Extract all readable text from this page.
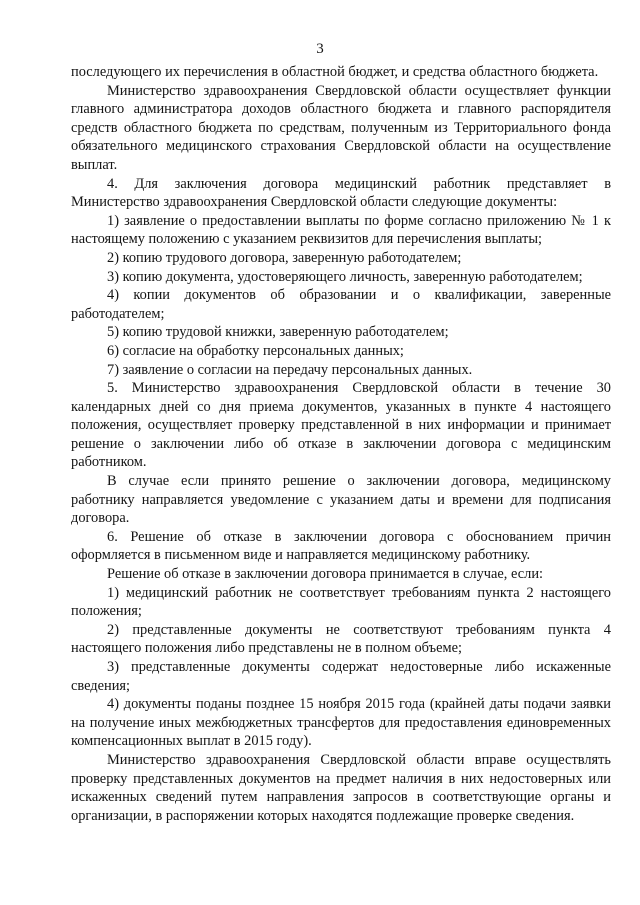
3

последующего их перечисления в областной бюджет, и средства областного бюджета.

Министерство здравоохранения Свердловской области осуществляет функции главного администратора доходов областного бюджета и главного распорядителя средств областного бюджета по средствам, полученным из Территориального фонда обязательного медицинского страхования Свердловской области на осуществление выплат.

4. Для заключения договора медицинский работник представляет в Министерство здравоохранения Свердловской области следующие документы:

1) заявление о предоставлении выплаты по форме согласно приложению № 1 к настоящему положению с указанием реквизитов для перечисления выплаты;

2) копию трудового договора, заверенную работодателем;

3) копию документа, удостоверяющего личность, заверенную работодателем;

4) копии документов об образовании и о квалификации, заверенные работодателем;

5) копию трудовой книжки, заверенную работодателем;

6) согласие на обработку персональных данных;

7) заявление о согласии на передачу персональных данных.

5. Министерство здравоохранения Свердловской области в течение 30 календарных дней со дня приема документов, указанных в пункте 4 настоящего положения, осуществляет проверку представленной в них информации и принимает решение о заключении либо об отказе в заключении договора с медицинским работником.

В случае если принято решение о заключении договора, медицинскому работнику направляется уведомление с указанием даты и времени для подписания договора.

6. Решение об отказе в заключении договора с обоснованием причин оформляется в письменном виде и направляется медицинскому работнику.

Решение об отказе в заключении договора принимается в случае, если:

1) медицинский работник не соответствует требованиям пункта 2 настоящего положения;

2) представленные документы не соответствуют требованиям пункта 4 настоящего положения либо представлены не в полном объеме;

3) представленные документы содержат недостоверные либо искаженные сведения;

4) документы поданы позднее 15 ноября 2015 года (крайней даты подачи заявки на получение иных межбюджетных трансфертов для предоставления единовременных компенсационных выплат в 2015 году).

Министерство здравоохранения Свердловской области вправе осуществлять проверку представленных документов на предмет наличия в них недостоверных или искаженных сведений путем направления запросов в соответствующие органы и организации, в распоряжении которых находятся подлежащие проверке сведения.
